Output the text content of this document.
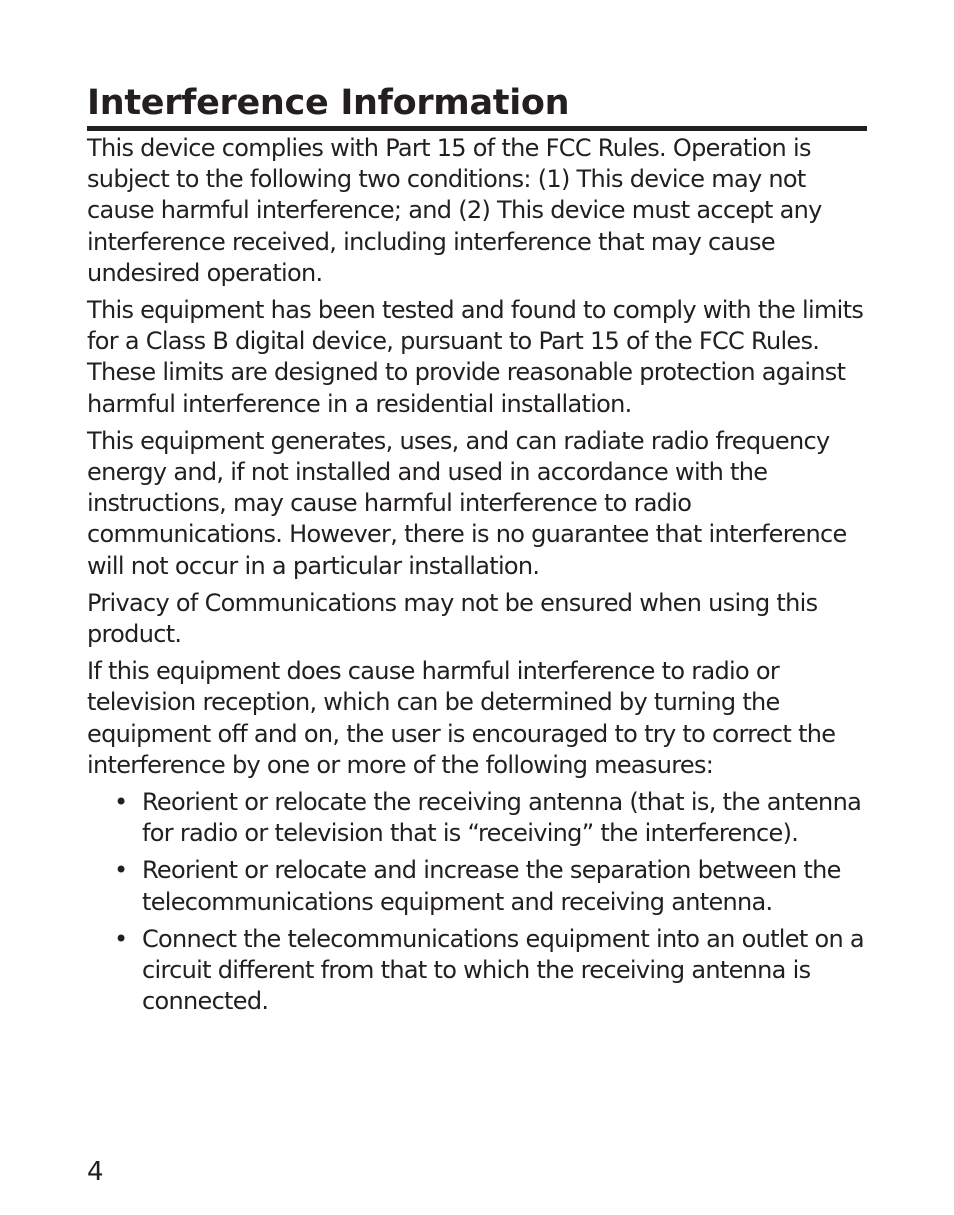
Interference Information

This device complies with Part 15 of the FCC Rules. Operation is subject to the following two conditions: (1) This device may not cause harmful interference; and (2) This device must accept any interference received, including interference that may cause undesired operation.

This equipment has been tested and found to comply with the limits for a Class B digital device, pursuant to Part 15 of the FCC Rules. These limits are designed to provide reasonable protection against harmful interference in a residential installation.

This equipment generates, uses, and can radiate radio frequency energy and, if not installed and used in accordance with the instructions, may cause harmful interference to radio communications. However, there is no guarantee that interference will not occur in a particular installation.

Privacy of Communications may not be ensured when using this product.

If this equipment does cause harmful interference to radio or television reception, which can be determined by turning the equipment off and on, the user is encouraged to try to correct the interference by one or more of the following measures:

• Reorient or relocate the receiving antenna (that is, the antenna for radio or television that is “receiving” the interference).
• Reorient or relocate and increase the separation between the telecommunications equipment and receiving antenna.
• Connect the telecommunications equipment into an outlet on a circuit different from that to which the receiving antenna is connected.
4
